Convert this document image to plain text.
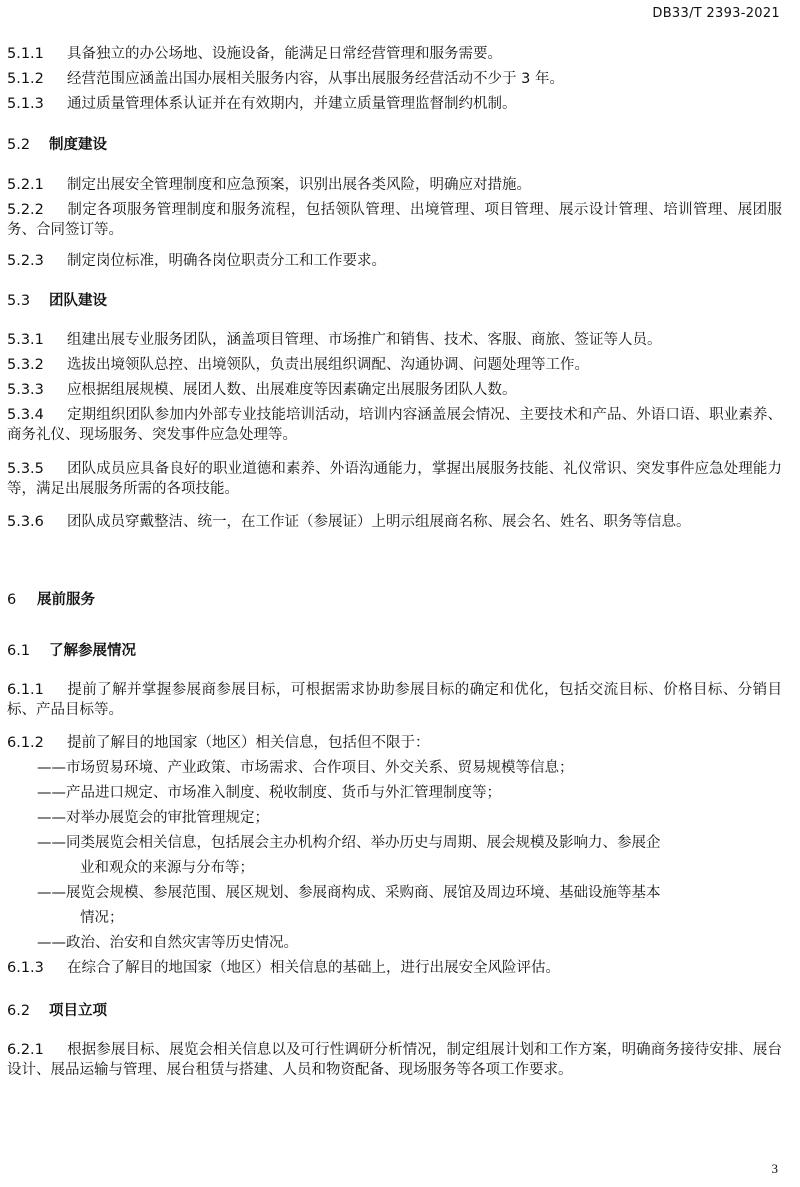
DB33/T 2393-2021
5.1.1 具备独立的办公场地、设施设备，能满足日常经营管理和服务需要。
5.1.2 经营范围应涵盖出国办展相关服务内容，从事出展服务经营活动不少于 3 年。
5.1.3 通过质量管理体系认证并在有效期内，并建立质量管理监督制约机制。
5.2 制度建设
5.2.1 制定出展安全管理制度和应急预案，识别出展各类风险，明确应对措施。
5.2.2 制定各项服务管理制度和服务流程，包括领队管理、出境管理、项目管理、展示设计管理、培训管理、展团服务、合同签订等。
5.2.3 制定岗位标准，明确各岗位职责分工和工作要求。
5.3 团队建设
5.3.1 组建出展专业服务团队，涵盖项目管理、市场推广和销售、技术、客服、商旅、签证等人员。
5.3.2 选拔出境领队总控、出境领队，负责出展组织调配、沟通协调、问题处理等工作。
5.3.3 应根据组展规模、展团人数、出展难度等因素确定出展服务团队人数。
5.3.4 定期组织团队参加内外部专业技能培训活动，培训内容涵盖展会情况、主要技术和产品、外语口语、职业素养、商务礼仪、现场服务、突发事件应急处理等。
5.3.5 团队成员应具备良好的职业道德和素养、外语沟通能力，掌握出展服务技能、礼仪常识、突发事件应急处理能力等，满足出展服务所需的各项技能。
5.3.6 团队成员穿戴整洁、统一，在工作证（参展证）上明示组展商名称、展会名、姓名、职务等信息。
6 展前服务
6.1 了解参展情况
6.1.1 提前了解并掌握参展商参展目标，可根据需求协助参展目标的确定和优化，包括交流目标、价格目标、分销目标、产品目标等。
6.1.2 提前了解目的地国家（地区）相关信息，包括但不限于：
——市场贸易环境、产业政策、市场需求、合作项目、外交关系、贸易规模等信息；
——产品进口规定、市场准入制度、税收制度、货币与外汇管理制度等；
——对举办展览会的审批管理规定；
——同类展览会相关信息，包括展会主办机构介绍、举办历史与周期、展会规模及影响力、参展企
业和观众的来源与分布等；
——展览会规模、参展范围、展区规划、参展商构成、采购商、展馆及周边环境、基础设施等基本
情况；
——政治、治安和自然灾害等历史情况。
6.1.3 在综合了解目的地国家（地区）相关信息的基础上，进行出展安全风险评估。
6.2 项目立项
6.2.1 根据参展目标、展览会相关信息以及可行性调研分析情况，制定组展计划和工作方案，明确商务接待安排、展台设计、展品运输与管理、展台租赁与搭建、人员和物资配备、现场服务等各项工作要求。
3
